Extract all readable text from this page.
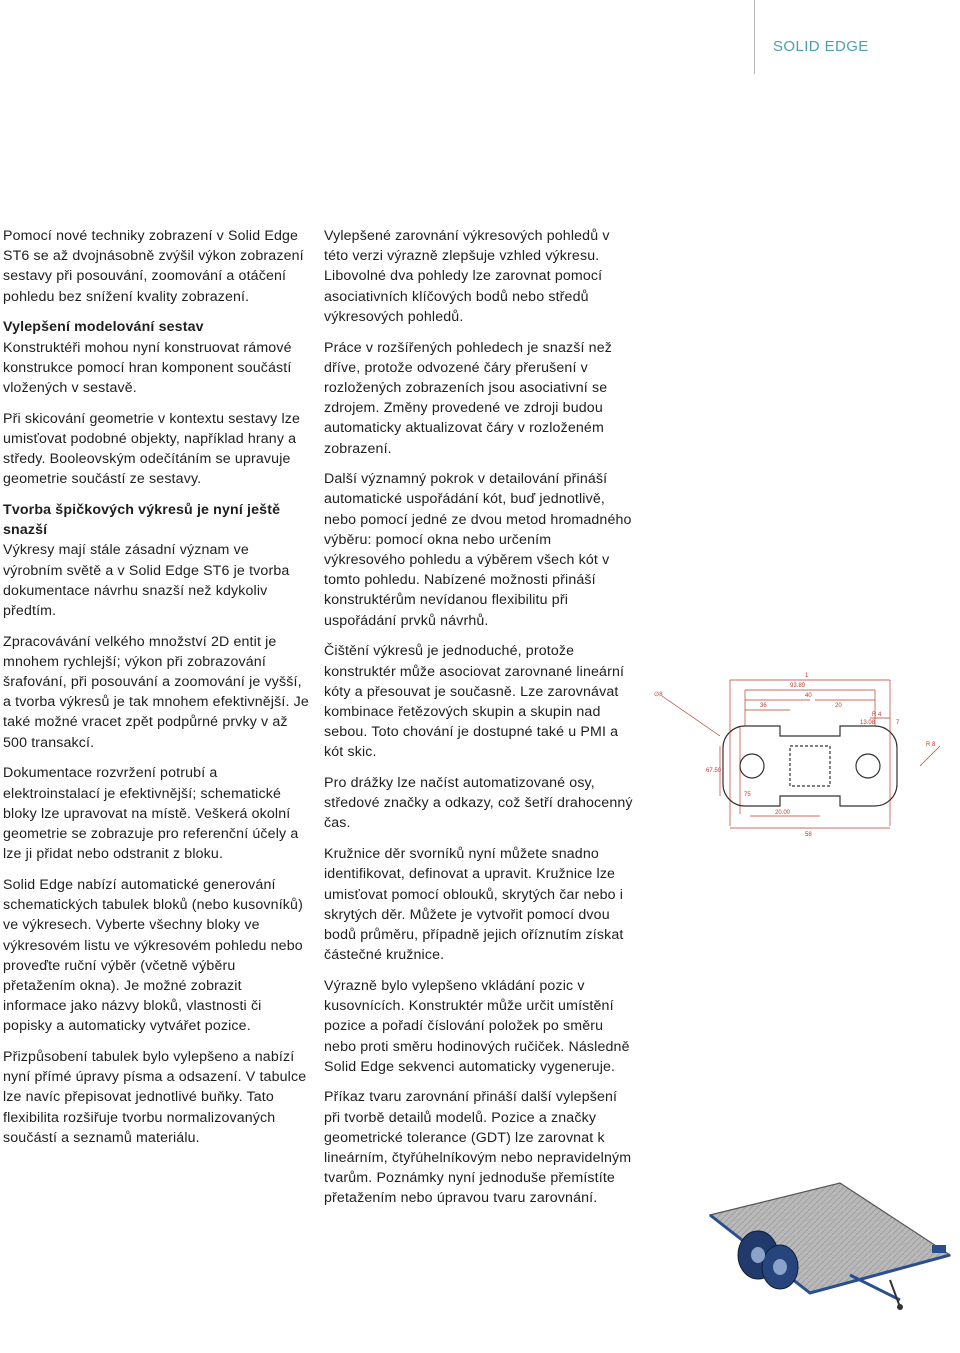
SOLID EDGE

Pomocí nové techniky zobrazení v Solid Edge ST6 se až dvojnásobně zvýšil výkon zobrazení sestavy při posouvání, zoomování a otáčení pohledu bez snížení kvality zobrazení.

Vylepšení modelování sestav

Konstruktéři mohou nyní konstruovat rámové konstrukce pomocí hran komponent součástí vložených v sestavě.

Při skicování geometrie v kontextu sestavy lze umisťovat podobné objekty, například hrany a středy. Booleovským odečítáním se upravuje geometrie součástí ze sestavy.

Tvorba špičkových výkresů je nyní ještě snazší

Výkresy mají stále zásadní význam ve výrobním světě a v Solid Edge ST6 je tvorba dokumentace návrhu snazší než kdykoliv předtím.

Zpracovávání velkého množství 2D entit je mnohem rychlejší; výkon při zobrazování šrafování, při posouvání a zoomování je vyšší, a tvorba výkresů je tak mnohem efektivnější. Je také možné vracet zpět podpůrné prvky v až 500 transakcí.

Dokumentace rozvržení potrubí a elektroinstalací je efektivnější; schematické bloky lze upravovat na místě. Veškerá okolní geometrie se zobrazuje pro referenční účely a lze ji přidat nebo odstranit z bloku.

Solid Edge nabízí automatické generování schematických tabulek bloků (nebo kusovníků) ve výkresech. Vyberte všechny bloky ve výkresovém listu ve výkresovém pohledu nebo proveďte ruční výběr (včetně výběru přetažením okna). Je možné zobrazit informace jako názvy bloků, vlastnosti či popisky a automaticky vytvářet pozice.

Přizpůsobení tabulek bylo vylepšeno a nabízí nyní přímé úpravy písma a odsazení. V tabulce lze navíc přepisovat jednotlivé buňky. Tato flexibilita rozšiřuje tvorbu normalizovaných součástí a seznamů materiálu.

Vylepšené zarovnání výkresových pohledů v této verzi výrazně zlepšuje vzhled výkresu. Libovolné dva pohledy lze zarovnat pomocí asociativních klíčových bodů nebo středů výkresových pohledů.

Práce v rozšířených pohledech je snazší než dříve, protože odvozené čáry přerušení v rozložených zobrazeních jsou asociativní se zdrojem. Změny provedené ve zdroji budou automaticky aktualizovat čáry v rozloženém zobrazení.

Další významný pokrok v detailování přináší automatické uspořádání kót, buď jednotlivě, nebo pomocí jedné ze dvou metod hromadného výběru: pomocí okna nebo určením výkresového pohledu a výběrem všech kót v tomto pohledu. Nabízené možnosti přináší konstruktérům nevídanou flexibilitu při uspořádání prvků návrhů.

Čištění výkresů je jednoduché, protože konstruktér může asociovat zarovnané lineární kóty a přesouvat je současně. Lze zarovnávat kombinace řetězových skupin a skupin nad sebou. Toto chování je dostupné také u PMI a kót skic.

Pro drážky lze načíst automatizované osy, středové značky a odkazy, což šetří drahocenný čas.

Kružnice děr svorníků nyní můžete snadno identifikovat, definovat a upravit. Kružnice lze umisťovat pomocí oblouků, skrytých čar nebo i skrytých děr. Můžete je vytvořit pomocí dvou bodů průměru, případně jejich oříznutím získat částečné kružnice.

Výrazně bylo vylepšeno vkládání pozic v kusovnících. Konstruktér může určit umístění pozice a pořadí číslování položek po směru nebo proti směru hodinových ručiček. Následně Solid Edge sekvenci automaticky vygeneruje.

Příkaz tvaru zarovnání přináší další vylepšení při tvorbě detailů modelů. Pozice a značky geometrické tolerance (GDT) lze zarovnat k lineárním, čtyřúhelníkovým nebo nepravidelným tvarům. Poznámky nyní jednoduše přemístíte přetažením nebo úpravou tvaru zarovnání.

1
93.89
40
36	20
∅8
R 8
R 4
67.50
75
20.00
58
13.08	7
